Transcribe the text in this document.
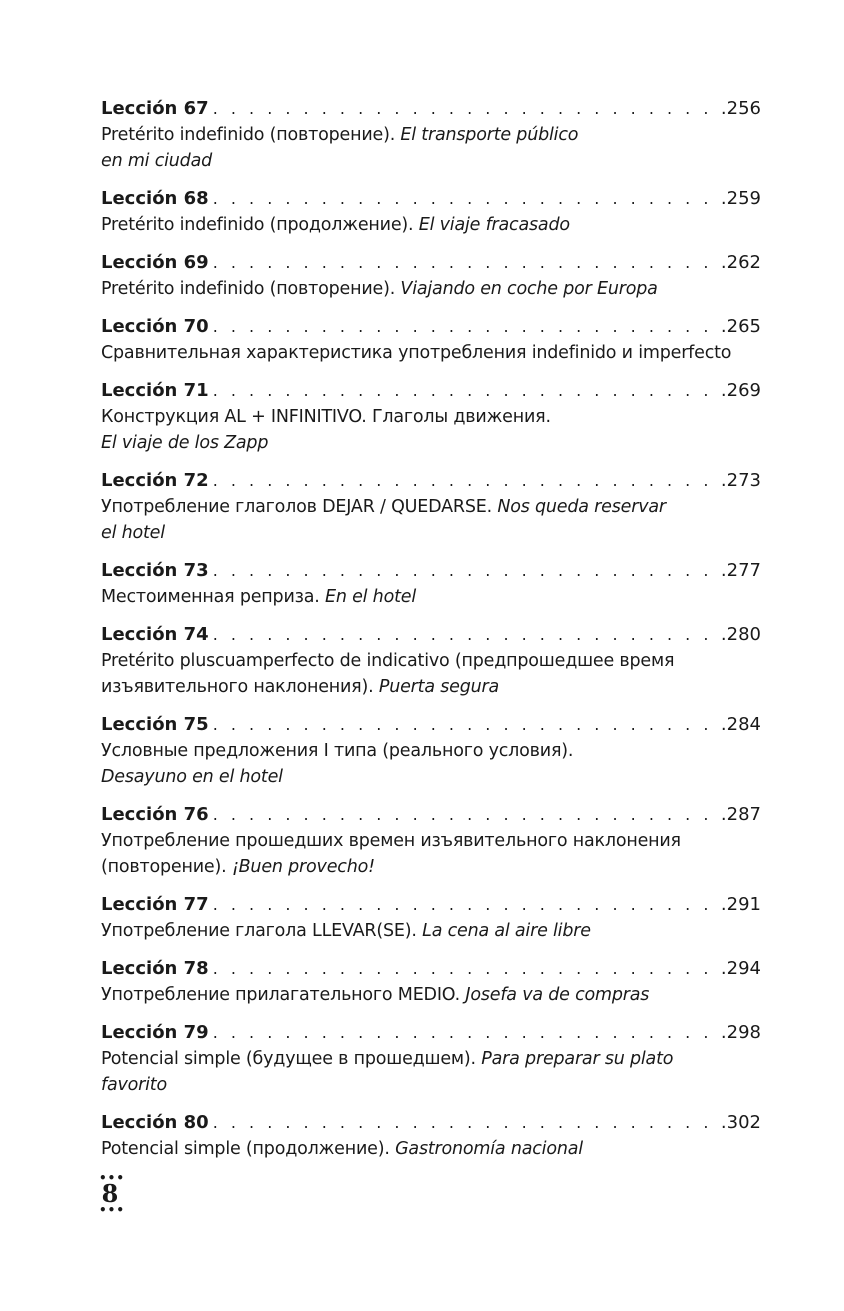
Lección 67 . . .	.256
Pretérito indefinido (повторение). El transporte público
en mi ciudad
Lección 68 . . .	.259
Pretérito indefinido (продолжение). El viaje fracasado
Lección 69 . . .	.262
Pretérito indefinido (повторение). Viajando en coche por Europa
Lección 70 . . .	.265
Сравнительная характеристика употребления indefinido и imperfecto
Lección 71 . . .	.269
Конструкция AL + INFINITIVO. Глаголы движения.
El viaje de los Zapp
Lección 72 . . .	.273
Употребление глаголов DEJAR / QUEDARSE. Nos queda reservar
el hotel
Lección 73 . . .	.277
Местоименная реприза. En el hotel
Lección 74 . . .	.280
Pretérito pluscuamperfecto de indicativo (предпрошедшее время
изъявительного наклонения). Puerta segura
Lección 75 . . .	.284
Условные предложения I типа (реального условия).
Desayuno en el hotel
Lección 76 . . .	.287
Употребление прошедших времен изъявительного наклонения
(повторение). ¡Buen provecho!
Lección 77 . . .	.291
Употребление глагола LLEVAR(SE). La cena al aire libre
Lección 78 . . .	.294
Употребление прилагательного MEDIO. Josefa va de compras
Lección 79 . . .	.298
Potencial simple (будущее в прошедшем). Para preparar su plato
favorito
Lección 80 . . .	.302
Potencial simple (продолжение). Gastronomía nacional
•••
8
•••
